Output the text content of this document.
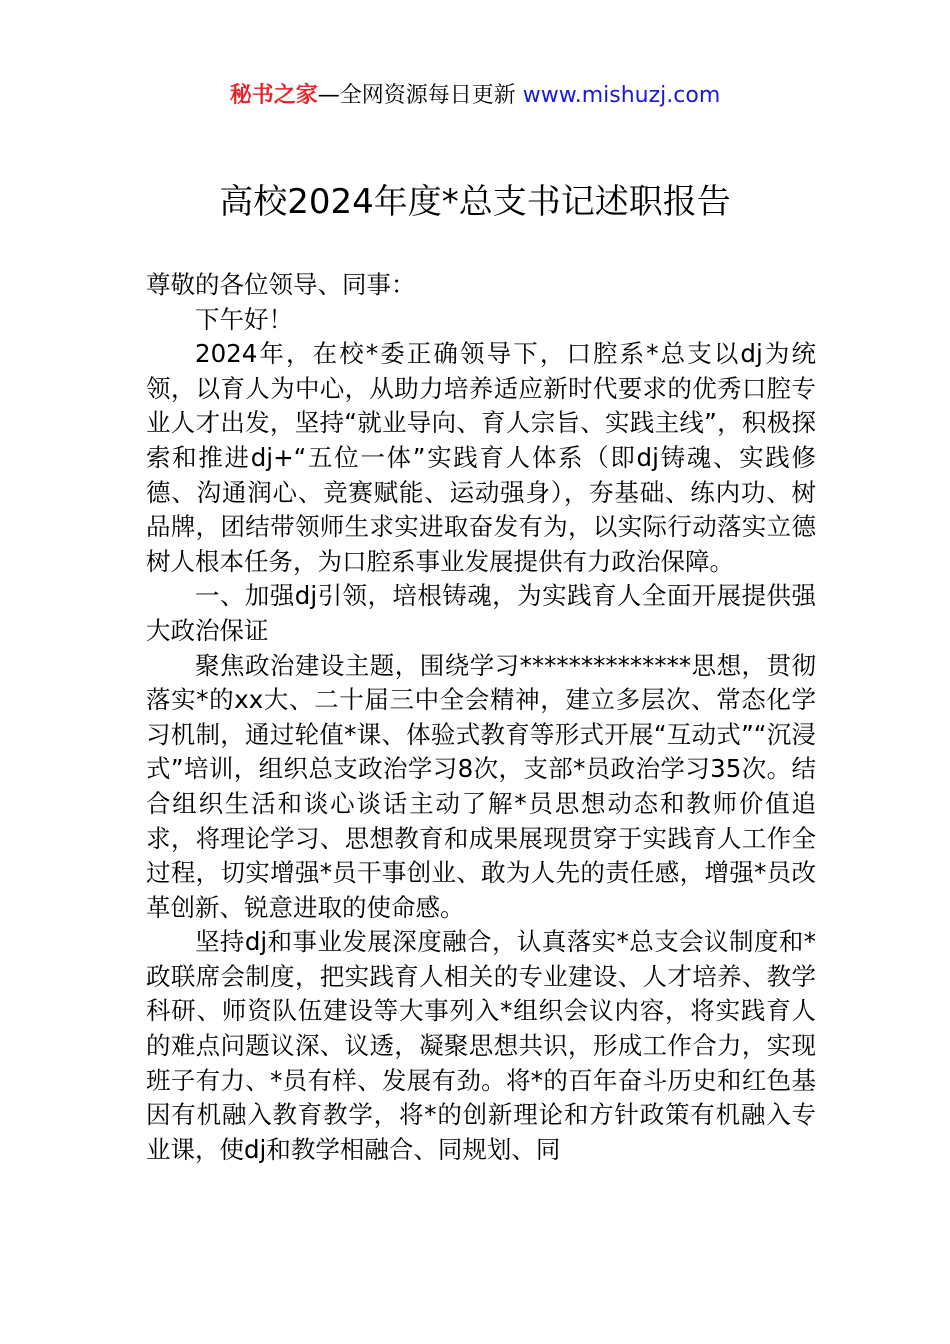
秘书之家—全网资源每日更新 www.mishuzj.com
高校2024年度*总支书记述职报告

尊敬的各位领导、同事：

下午好！

2024年，在校*委正确领导下，口腔系*总支以dj为统领，以育人为中心，从助力培养适应新时代要求的优秀口腔专业人才出发，坚持“就业导向、育人宗旨、实践主线”，积极探索和推进dj+“五位一体”实践育人体系（即dj铸魂、实践修德、沟通润心、竞赛赋能、运动强身），夯基础、练内功、树品牌，团结带领师生求实进取奋发有为，以实际行动落实立德树人根本任务，为口腔系事业发展提供有力政治保障。

一、加强dj引领，培根铸魂，为实践育人全面开展提供强大政治保证

聚焦政治建设主题，围绕学习**************思想，贯彻落实*的xx大、二十届三中全会精神，建立多层次、常态化学习机制，通过轮值*课、体验式教育等形式开展“互动式”“沉浸式”培训，组织总支政治学习8次，支部*员政治学习35次。结合组织生活和谈心谈话主动了解*员思想动态和教师价值追求，将理论学习、思想教育和成果展现贯穿于实践育人工作全过程，切实增强*员干事创业、敢为人先的责任感，增强*员改革创新、锐意进取的使命感。

坚持dj和事业发展深度融合，认真落实*总支会议制度和*政联席会制度，把实践育人相关的专业建设、人才培养、教学科研、师资队伍建设等大事列入*组织会议内容，将实践育人的难点问题议深、议透，凝聚思想共识，形成工作合力，实现班子有力、*员有样、发展有劲。将*的百年奋斗历史和红色基因有机融入教育教学，将*的创新理论和方针政策有机融入专业课，使dj和教学相融合、同规划、同
